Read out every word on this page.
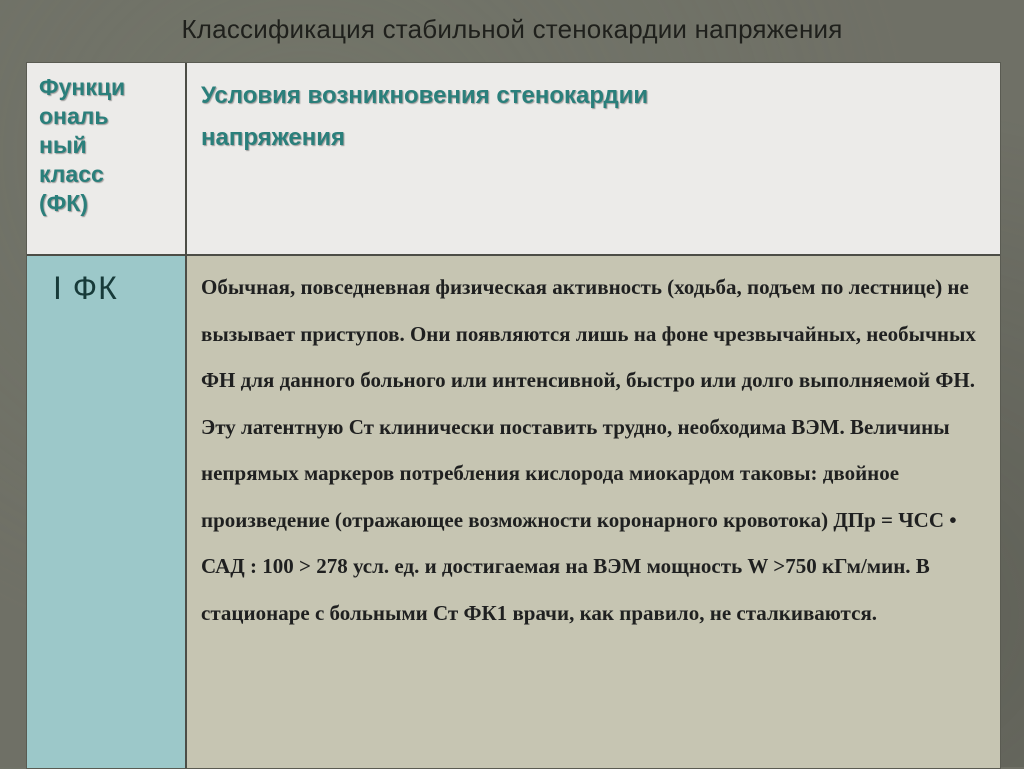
Классификация стабильной стенокардии напряжения
Функци
ональ
ный
класс
(ФК)
Условия возникновения стенокардии
напряжения
I ФК	Обычная, повседневная физическая активность (ходьба, подъем по лестнице) не вызывает приступов. Они появляются лишь на фоне чрезвычайных, необычных ФН для данного больного или интенсивной, быстро или долго выполняемой ФН. Эту латентную Ст клинически поставить трудно, необходима ВЭМ. Величины непрямых маркеров потребления кислорода миокардом таковы: двойное произведение (отражающее возможности коронарного кровотока) ДПр = ЧСС • САД : 100 > 278 усл. ед. и достигаемая на ВЭМ мощность W >750 кГм/мин. В стационаре с больными Ст ФК1 врачи, как правило, не сталкиваются.
